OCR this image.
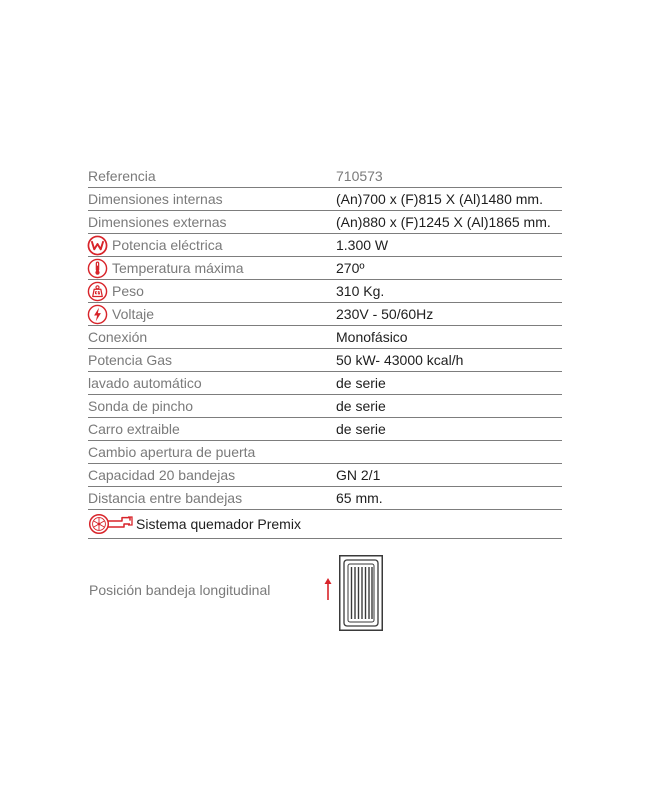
Referencia	710573
Dimensiones internas	(An)700 x (F)815 X (Al)1480 mm.
Dimensiones externas	(An)880 x (F)1245 X (Al)1865 mm.
Potencia eléctrica	1.300 W
Temperatura máxima	270º
Peso	310 Kg.
Voltaje	230V - 50/60Hz
Conexión	Monofásico
Potencia Gas	50 kW- 43000 kcal/h
lavado automático	de serie
Sonda de pincho	de serie
Carro extraible	de serie
Cambio apertura de puerta
Capacidad 20 bandejas	GN 2/1
Distancia entre bandejas	65 mm.
Sistema quemador Premix
Posición bandeja longitudinal
